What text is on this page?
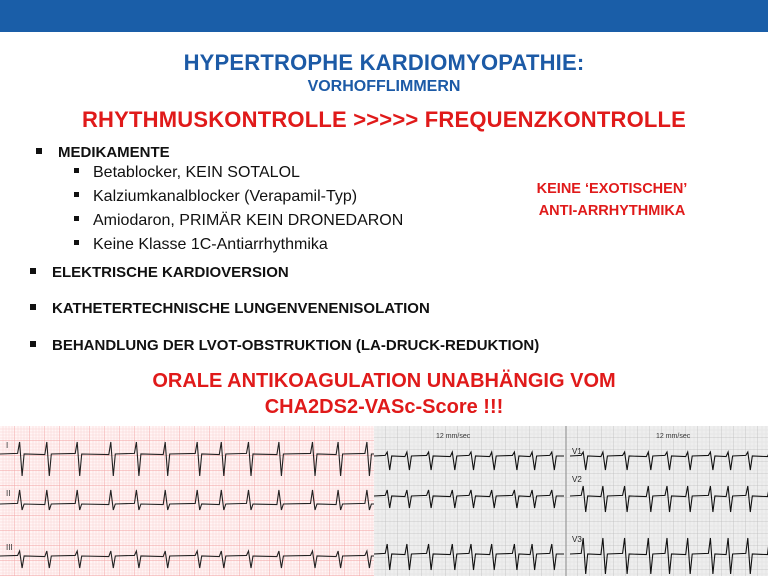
HYPERTROPHE KARDIOMYOPATHIE:
VORHOFFLIMMERN
RHYTHMUSKONTROLLE >>>>> FREQUENZKONTROLLE
MEDIKAMENTE
Betablocker, KEIN SOTALOL
Kalziumkanalblocker (Verapamil-Typ)
Amiodaron, PRIMÄR KEIN DRONEDARON
Keine Klasse 1C-Antiarrhythmika
KEINE ‘EXOTISCHEN’
ANTI-ARRHYTHMIKA
ELEKTRISCHE KARDIOVERSION
KATHETERTECHNISCHE LUNGENVENENISOLATION
BEHANDLUNG DER LVOT-OBSTRUKTION (LA-DRUCK-REDUKTION)
ORALE ANTIKOAGULATION UNABHÄNGIG VOM
CHA2DS2-VASc-Score !!!
I
II
III
12 mm/sec	12 mm/sec
V1
V2
V3
